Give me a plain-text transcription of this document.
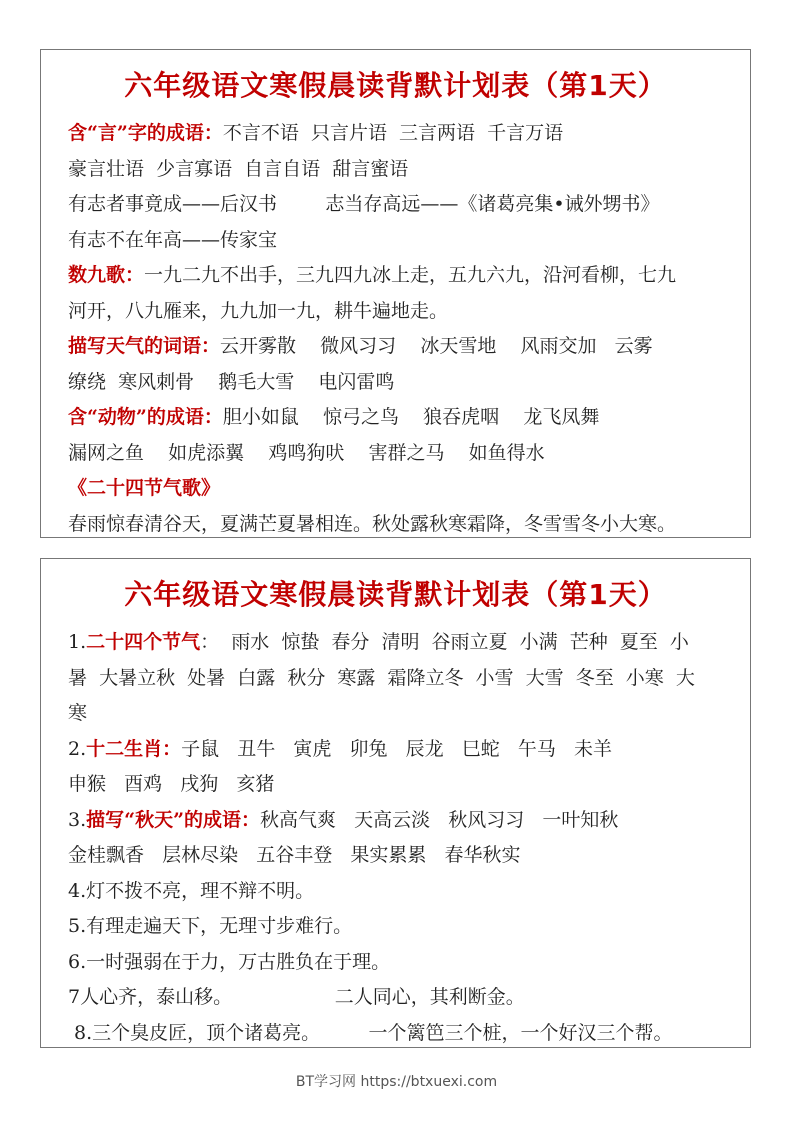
六年级语文寒假晨读背默计划表（第1天）
含“言”字的成语：不言不语  只言片语  三言两语  千言万语
豪言壮语  少言寡语  自言自语  甜言蜜语
有志者事竟成——后汉书        志当存高远——《诸葛亮集•诫外甥书》
有志不在年高——传家宝
数九歌：一九二九不出手，三九四九冰上走，五九六九，沿河看柳，七九
河开，八九雁来，九九加一九，耕牛遍地走。
描写天气的词语：云开雾散    微风习习    冰天雪地    风雨交加   云雾
缭绕  寒风刺骨    鹅毛大雪    电闪雷鸣
含“动物”的成语：胆小如鼠    惊弓之鸟    狼吞虎咽    龙飞凤舞
漏网之鱼    如虎添翼    鸡鸣狗吠    害群之马    如鱼得水
《二十四节气歌》
春雨惊春清谷天，夏满芒夏暑相连。秋处露秋寒霜降，冬雪雪冬小大寒。
六年级语文寒假晨读背默计划表（第1天）
1.二十四个节气：  雨水  惊蛰  春分  清明  谷雨立夏  小满  芒种  夏至  小
暑  大暑立秋  处暑  白露  秋分  寒露  霜降立冬  小雪  大雪  冬至  小寒  大
寒
2.十二生肖：子鼠   丑牛   寅虎   卯兔   辰龙   巳蛇   午马   未羊
申猴   酉鸡   戌狗   亥猪
3.描写“秋天”的成语：秋高气爽   天高云淡   秋风习习   一叶知秋
金桂飘香   层林尽染   五谷丰登   果实累累   春华秋实
4.灯不拨不亮，理不辩不明。
5.有理走遍天下，无理寸步难行。
6.一时强弱在于力，万古胜负在于理。
7人心齐，泰山移。                 二人同心，其利断金。
8.三个臭皮匠，顶个诸葛亮。        一个篱笆三个桩，一个好汉三个帮。
BT学习网 https://btxuexi.com
